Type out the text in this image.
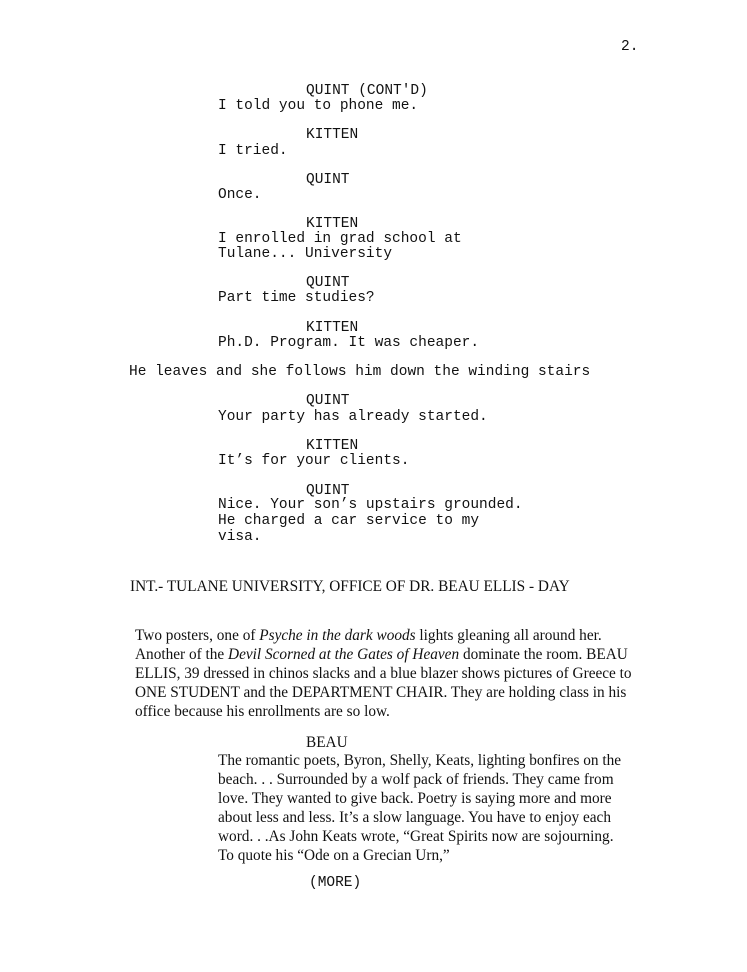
2.
QUINT (CONT'D)
I told you to phone me.
KITTEN
I tried.
QUINT
Once.
KITTEN
I enrolled in grad school at
Tulane... University
QUINT
Part time studies?
KITTEN
Ph.D. Program. It was cheaper.
He leaves and she follows him down the winding stairs
QUINT
Your party has already started.
KITTEN
It’s for your clients.
QUINT
Nice. Your son’s upstairs grounded.
He charged a car service to my
visa.
INT.- TULANE UNIVERSITY, OFFICE OF DR. BEAU ELLIS - DAY

Two posters, one of Psyche in the dark woods lights gleaning all around her. Another of the Devil Scorned at the Gates of Heaven dominate the room. BEAU ELLIS, 39 dressed in chinos slacks and a blue blazer shows pictures of Greece to ONE STUDENT and the DEPARTMENT CHAIR. They are holding class in his office because his enrollments are so low.

BEAU

The romantic poets, Byron, Shelly, Keats, lighting bonfires on the beach. . . Surrounded by a wolf pack of friends. They came from love. They wanted to give back. Poetry is saying more and more about less and less. It’s a slow language. You have to enjoy each word. . .As John Keats wrote, “Great Spirits now are sojourning. To quote his “Ode on a Grecian Urn,”

(MORE)
